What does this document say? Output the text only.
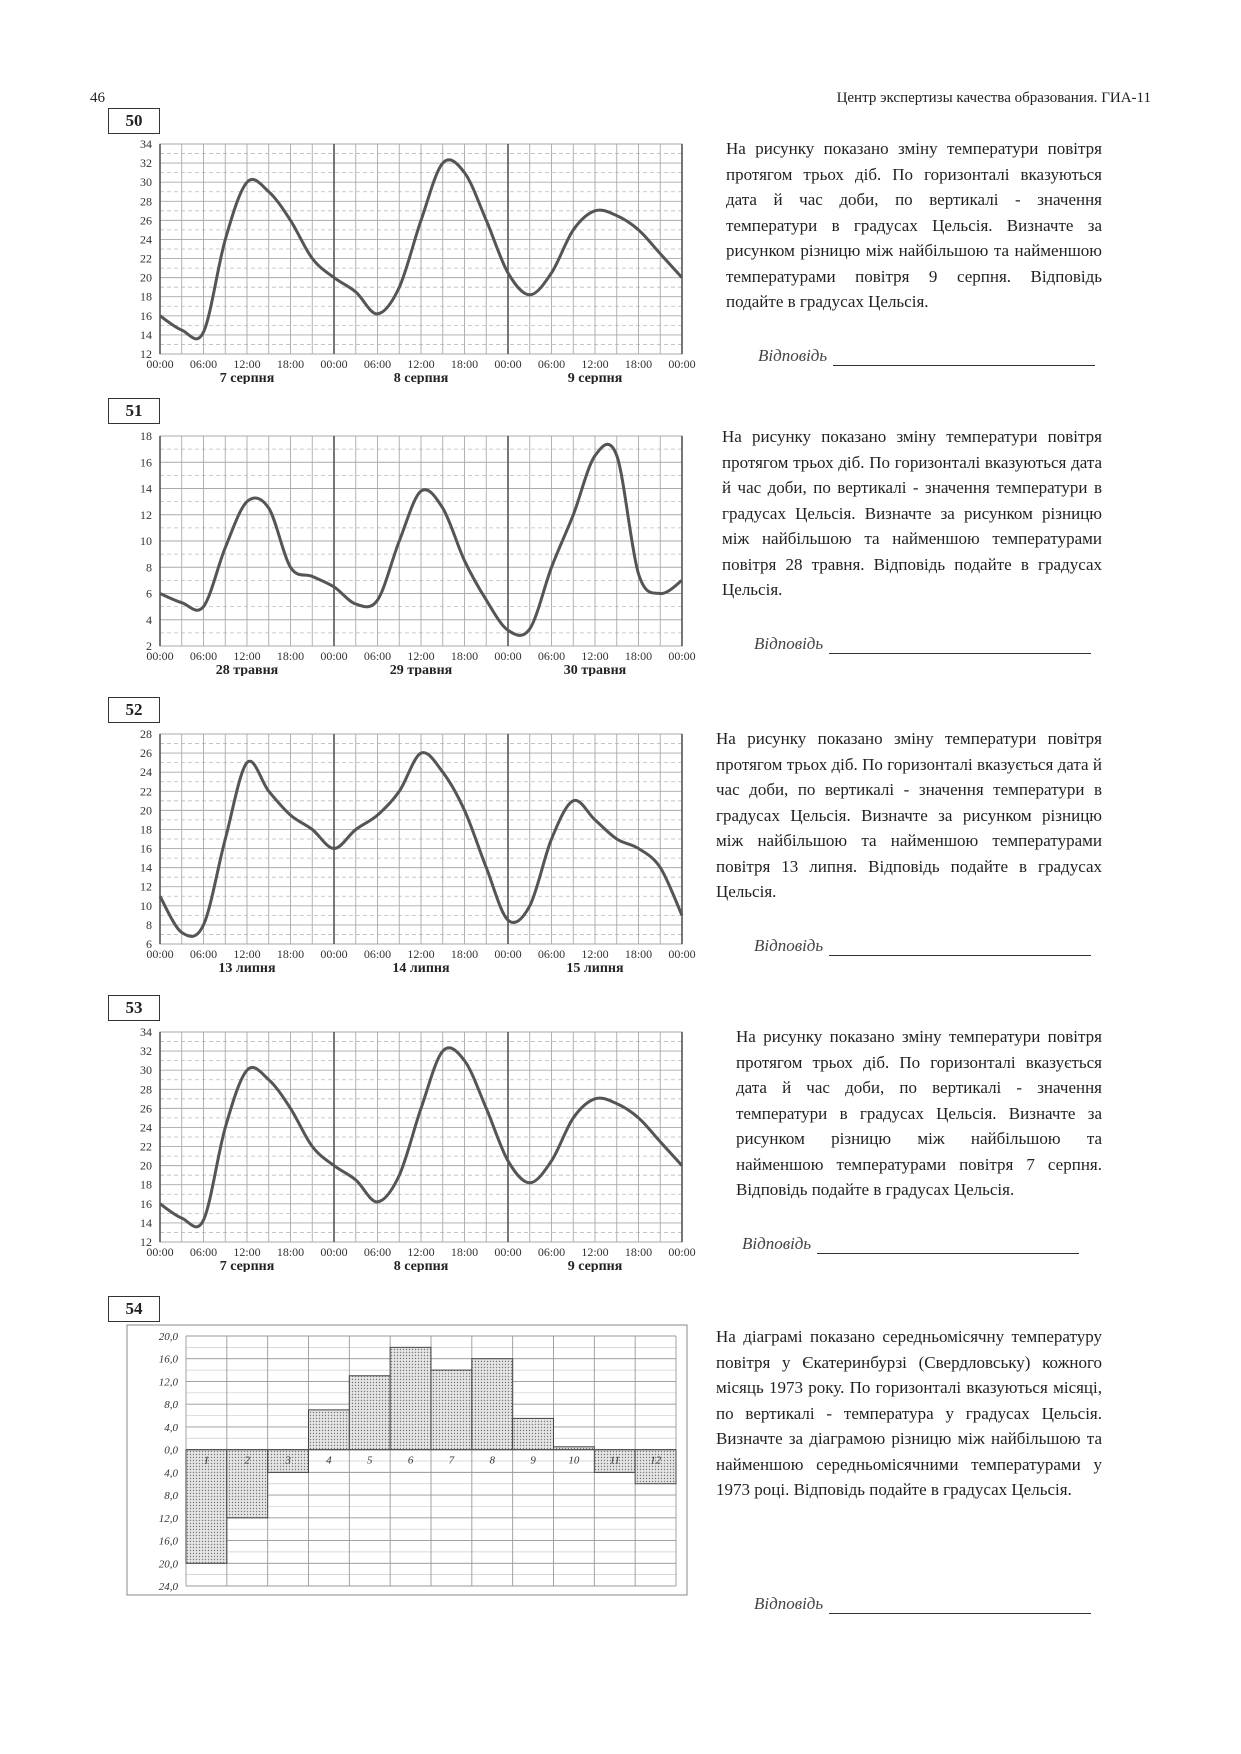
46	Центр экспертизы качества образования. ГИА-11
50
12
14
16
18
20
22
24
26
28
30
32
34
00:00 06:00 12:00 18:00 00:00 06:00 12:00 18:00 00:00 06:00 12:00 18:00 00:00
7 серпня	8 серпня	9 серпня
На рисунку показано зміну температури повітря протягом трьох діб. По горизонталі вказуються дата й час доби, по вертикалі - значення температури в градусах Цельсія. Визначте за рисунком різницю між найбільшою та найменшою температурами повітря 9 серпня. Відповідь подайте в градусах Цельсія.
Відповідь
51
2
4
6
8
10
12
14
16
18
00:00 06:00 12:00 18:00 00:00 06:00 12:00 18:00 00:00 06:00 12:00 18:00 00:00
28 травня	29 травня	30 травня
На рисунку показано зміну температури повітря протягом трьох діб. По горизонталі вказуються дата й час доби, по вертикалі - значення температури в градусах Цельсія. Визначте за рисунком різницю між найбільшою та найменшою температурами повітря 28 травня. Відповідь подайте в градусах Цельсія.
Відповідь
52
6
8
10
12
14
16
18
20
22
24
26
28
00:00 06:00 12:00 18:00 00:00 06:00 12:00 18:00 00:00 06:00 12:00 18:00 00:00
13 липня	14 липня	15 липня
На рисунку показано зміну температури повітря протягом трьох діб. По горизонталі вказується дата й час доби, по вертикалі - значення температури в градусах Цельсія. Визначте за рисунком різницю між найбільшою та найменшою температурами повітря 13 липня. Відповідь подайте в градусах Цельсія.
Відповідь
53
12
14
16
18
20
22
24
26
28
30
32
34
00:00 06:00 12:00 18:00 00:00 06:00 12:00 18:00 00:00 06:00 12:00 18:00 00:00
7 серпня	8 серпня	9 серпня
На рисунку показано зміну температури повітря протягом трьох діб. По горизонталі вказується дата й час доби, по вертикалі - значення температури в градусах Цельсія. Визначте за рисунком різницю між найбільшою та найменшою температурами повітря 7 серпня. Відповідь подайте в градусах Цельсія.
Відповідь
54
20,0
16,0
12,0
8,0
4,0
0,0
4,0
8,0
12,0
16,0
20,0
24,0
1	2	3	4	5	6	7	8	9	10	11	12
На діаграмі показано середньомісячну температуру повітря у Єкатеринбурзі (Свердловську) кожного місяць 1973 року. По горизонталі вказуються місяці, по вертикалі - температура у градусах Цельсія. Визначте за діаграмою різницю між найбільшою та найменшою середньомісячними температурами у 1973 році. Відповідь подайте в градусах Цельсія.
Відповідь
